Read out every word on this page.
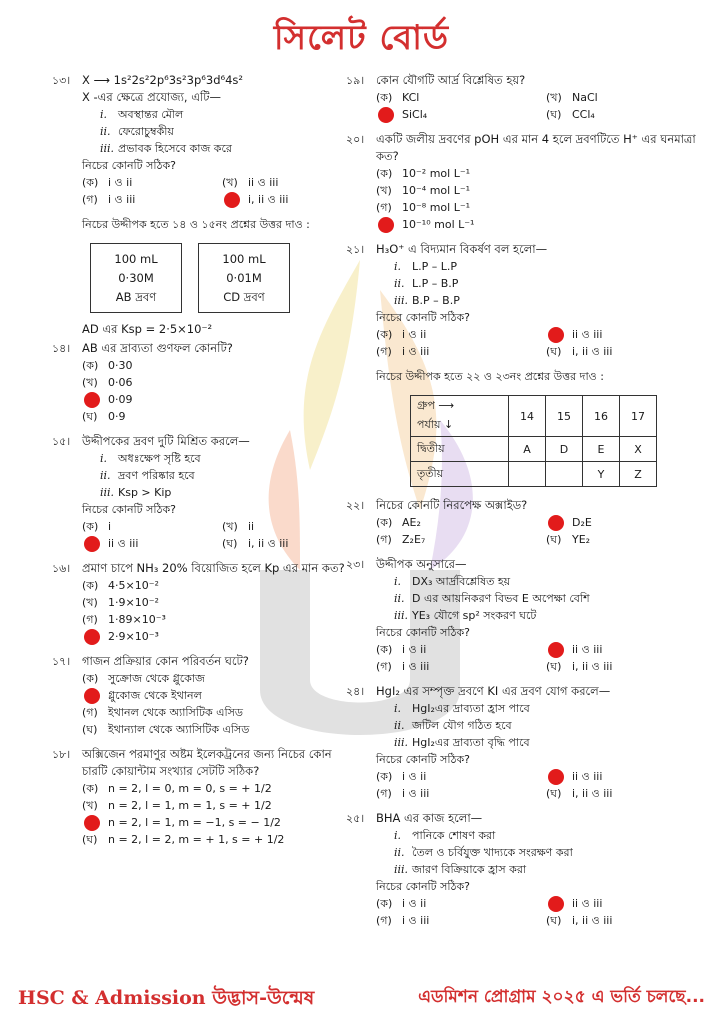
সিলেট বোর্ড
১৩।	X ⟶ 1s²2s²2p⁶3s²3p⁶3d⁶4s²
X -এর ক্ষেত্রে প্রযোজ্য, এটি—
i. অবস্থান্তর মৌল
ii. ফেরোচুম্বকীয়
iii. প্রভাবক হিসেবে কাজ করে
নিচের কোনটি সঠিক?
(ক) i ও ii	(খ) ii ও iii
(গ) i ও iii	i, ii ও iii
নিচের উদ্দীপক হতে ১৪ ও ১৫নং প্রশ্নের উত্তর দাও :
100 mL
0·30M
AB দ্রবণ
100 mL
0·01M
CD দ্রবণ
AD এর Ksp = 2·5×10⁻²
১৪।	AB এর দ্রাব্যতা গুণফল কোনটি?
(ক) 0·30
(খ) 0·06
0·09
(ঘ) 0·9
১৫।	উদ্দীপকের দ্রবণ দুটি মিশ্রিত করলে—
i. অধঃক্ষেপ সৃষ্টি হবে
ii. দ্রবণ পরিষ্কার হবে
iii. Ksp > Kip
নিচের কোনটি সঠিক?
(ক) i	(খ) ii
ii ও iii	(ঘ) i, ii ও iii
১৬।	প্রমাণ চাপে NH₃ 20% বিয়োজিত হলে Kp এর মান কত?
(ক) 4·5×10⁻²
(খ) 1·9×10⁻²
(গ) 1·89×10⁻³
2·9×10⁻³
১৭।	গাজন প্রক্রিয়ার কোন পরিবর্তন ঘটে?
(ক) সুক্রোজ থেকে গ্লুকোজ
গ্লুকোজ থেকে ইথানল
(গ) ইথানল থেকে অ্যাসিটিক এসিড
(ঘ) ইথান্যাল থেকে অ্যাসিটিক এসিড
১৮।	অক্সিজেন পরমাণুর অষ্টম ইলেকট্রনের জন্য নিচের কোন চারটি কোয়ান্টাম সংখ্যার সেটটি সঠিক?
(ক) n = 2, l = 0, m = 0, s = + 1/2
(খ) n = 2, l = 1, m = 1, s = + 1/2
n = 2, l = 1, m = −1, s = − 1/2
(ঘ) n = 2, l = 2, m = + 1, s = + 1/2
১৯।	কোন যৌগটি আর্দ্র বিশ্লেষিত হয়?
(ক) KCl	(খ) NaCl
SiCl₄	(ঘ) CCl₄
২০।	একটি জলীয় দ্রবণের pOH এর মান 4 হলে দ্রবণটিতে H⁺ এর ঘনমাত্রা কত?
(ক) 10⁻² mol L⁻¹
(খ) 10⁻⁴ mol L⁻¹
(গ) 10⁻⁸ mol L⁻¹
10⁻¹⁰ mol L⁻¹
২১।	H₃O⁺ এ বিদ্যমান বিকর্ষণ বল হলো—
i. L.P – L.P
ii. L.P – B.P
iii. B.P – B.P
নিচের কোনটি সঠিক?
(ক) i ও ii	ii ও iii
(গ) i ও iii	(ঘ) i, ii ও iii
নিচের উদ্দীপক হতে ২২ ও ২৩নং প্রশ্নের উত্তর দাও :
গ্রুপ ⟶
পর্যায় ↓	14	15	16	17
দ্বিতীয়	A	D	E	X
তৃতীয়			Y	Z
২২।	নিচের কোনটি নিরপেক্ষ অক্সাইড?
(ক) AE₂	D₂E
(গ) Z₂E₇	(ঘ) YE₂
২৩।	উদ্দীপক অনুসারে—
i. DX₃ আর্দ্রবিশ্লেষিত হয়
ii. D এর আয়নিকরণ বিভব E অপেক্ষা বেশি
iii. YE₃ যৌগে sp² সংকরণ ঘটে
নিচের কোনটি সঠিক?
(ক) i ও ii	ii ও iii
(গ) i ও iii	(ঘ) i, ii ও iii
২৪।	HgI₂ এর সম্পৃক্ত দ্রবণে KI এর দ্রবণ যোগ করলে—
i. HgI₂এর দ্রাব্যতা হ্রাস পাবে
ii. জটিল যৌগ গঠিত হবে
iii. HgI₂এর দ্রাব্যতা বৃদ্ধি পাবে
নিচের কোনটি সঠিক?
(ক) i ও ii	ii ও iii
(গ) i ও iii	(ঘ) i, ii ও iii
২৫।	BHA এর কাজ হলো—
i. পানিকে শোষণ করা
ii. তৈল ও চর্বিযুক্ত খাদ্যকে সংরক্ষণ করা
iii. জারণ বিক্রিয়াকে হ্রাস করা
নিচের কোনটি সঠিক?
(ক) i ও ii	ii ও iii
(গ) i ও iii	(ঘ) i, ii ও iii
HSC & Admission উদ্ভাস-উন্মেষ	এডমিশন প্রোগ্রাম ২০২৫ এ ভর্তি চলছে...
